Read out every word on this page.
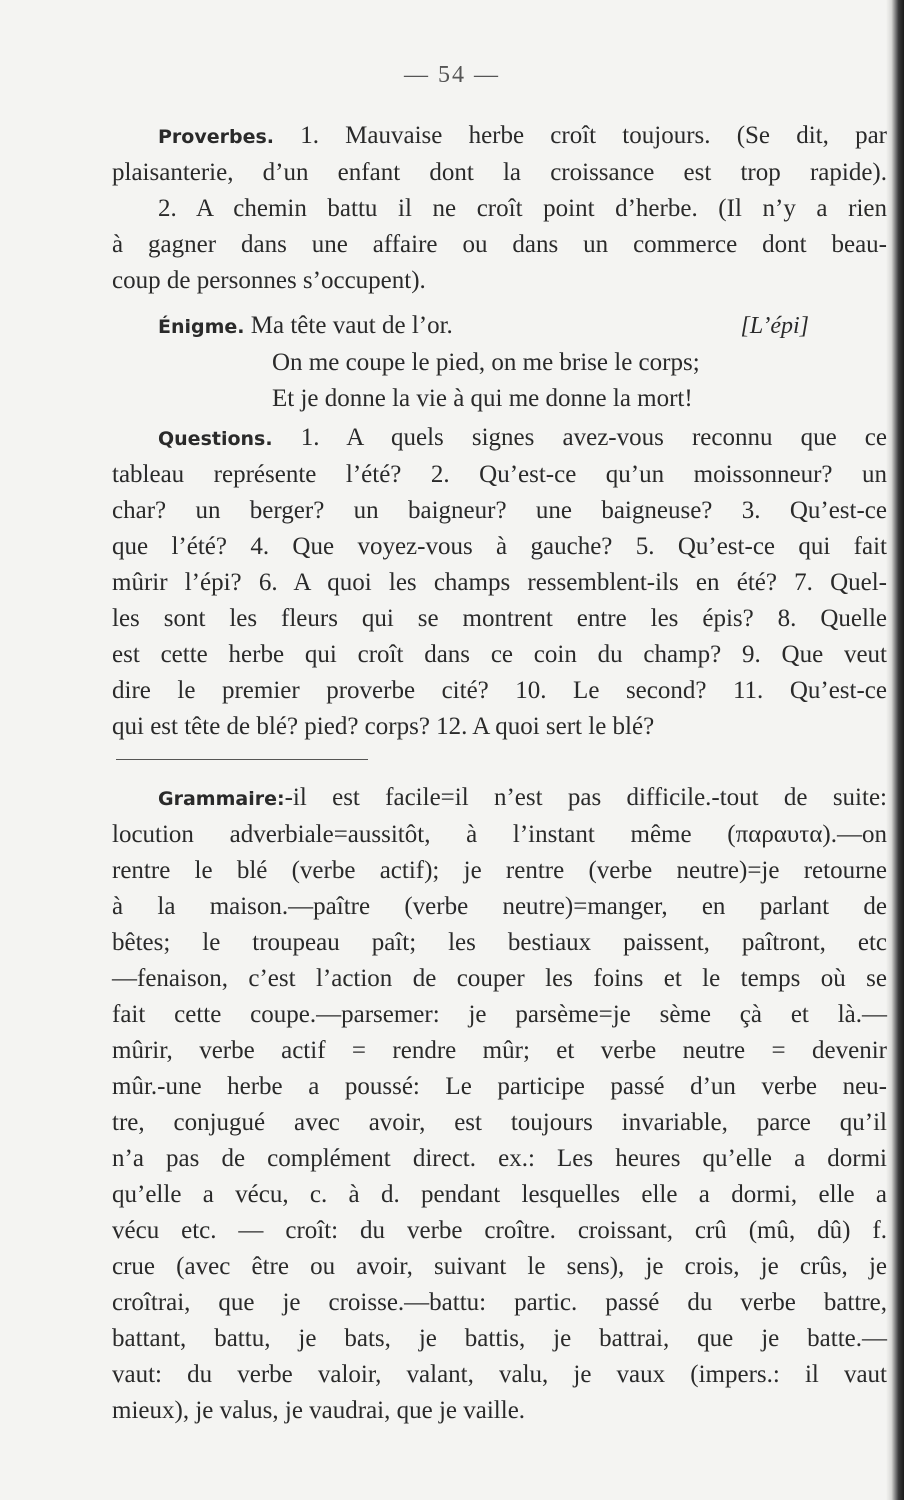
— 54 —
Proverbes. 1. Mauvaise herbe croît toujours. (Se dit, par
plaisanterie, d’un enfant dont la croissance est trop rapide).
2. A chemin battu il ne croît point d’herbe. (Il n’y a rien
à gagner dans une affaire ou dans un commerce dont beau-
coup de personnes s’occupent).
Énigme. Ma tête vaut de l’or.	[L’épi]
On me coupe le pied, on me brise le corps;
Et je donne la vie à qui me donne la mort!
Questions. 1. A quels signes avez-vous reconnu que ce
tableau représente l’été? 2. Qu’est-ce qu’un moissonneur? un
char? un berger? un baigneur? une baigneuse? 3. Qu’est-ce
que l’été? 4. Que voyez-vous à gauche? 5. Qu’est-ce qui fait
mûrir l’épi? 6. A quoi les champs ressemblent-ils en été? 7. Quel-
les sont les fleurs qui se montrent entre les épis? 8. Quelle
est cette herbe qui croît dans ce coin du champ? 9. Que veut
dire le premier proverbe cité? 10. Le second? 11. Qu’est-ce
qui est tête de blé? pied? corps? 12. A quoi sert le blé?
Grammaire:-il est facile=il n’est pas difficile.-tout de suite:
locution adverbiale=aussitôt, à l’instant même (παραυτα).—on
rentre le blé (verbe actif); je rentre (verbe neutre)=je retourne
à la maison.—paître (verbe neutre)=manger, en parlant de
bêtes; le troupeau paît; les bestiaux paissent, paîtront, etc
—fenaison, c’est l’action de couper les foins et le temps où se
fait cette coupe.—parsemer: je parsème=je sème çà et là.—
mûrir, verbe actif = rendre mûr; et verbe neutre = devenir
mûr.-une herbe a poussé: Le participe passé d’un verbe neu-
tre, conjugué avec avoir, est toujours invariable, parce qu’il
n’a pas de complément direct. ex.: Les heures qu’elle a dormi
qu’elle a vécu, c. à d. pendant lesquelles elle a dormi, elle a
vécu etc. — croît: du verbe croître. croissant, crû (mû, dû) f.
crue (avec être ou avoir, suivant le sens), je crois, je crûs, je
croîtrai, que je croisse.—battu: partic. passé du verbe battre,
battant, battu, je bats, je battis, je battrai, que je batte.—
vaut: du verbe valoir, valant, valu, je vaux (impers.: il vaut
mieux), je valus, je vaudrai, que je vaille.
